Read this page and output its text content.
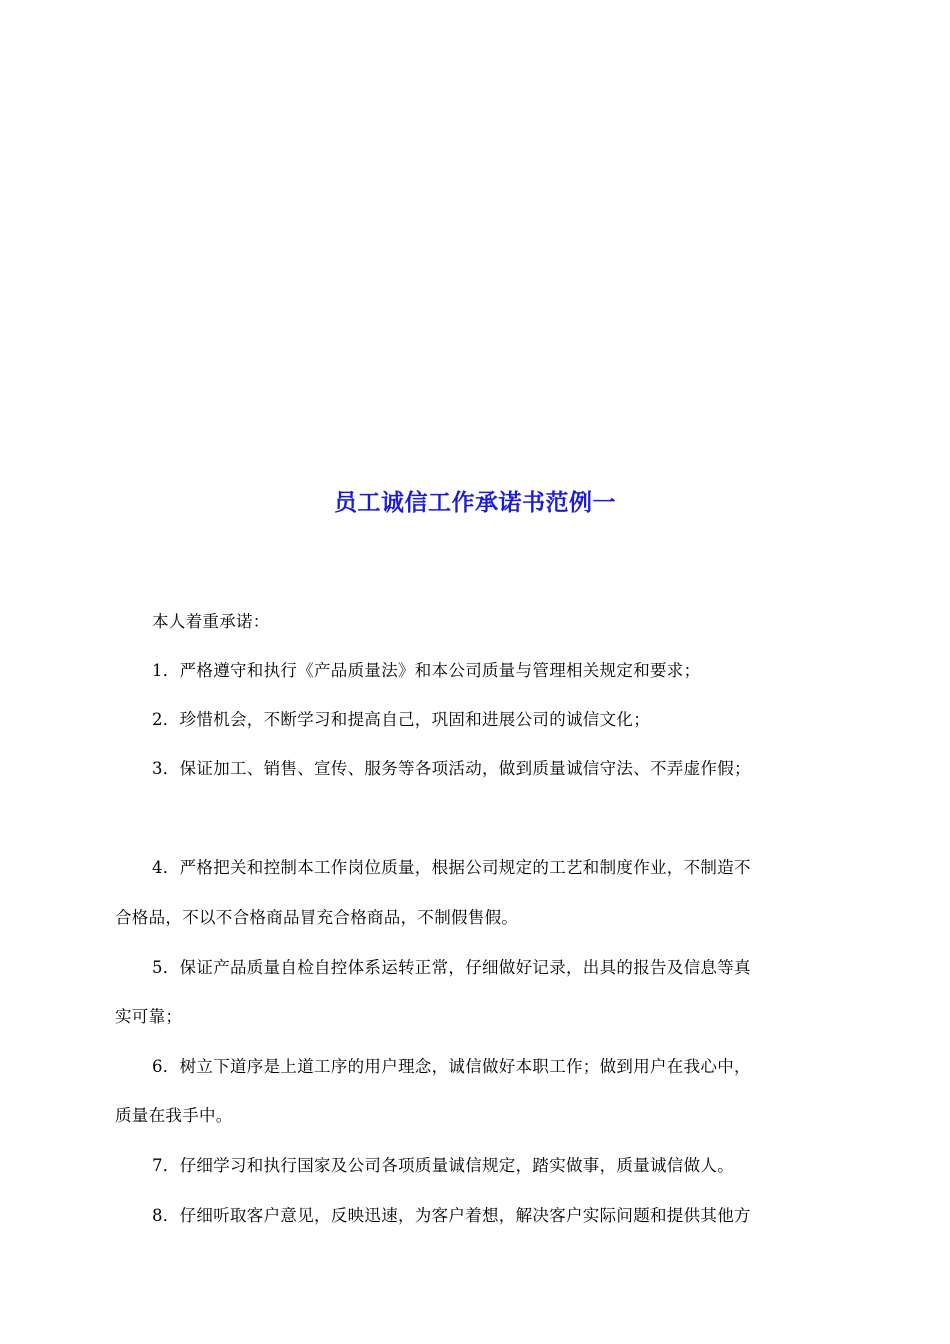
员工诚信工作承诺书范例一
本人着重承诺：
1．严格遵守和执行《产品质量法》和本公司质量与管理相关规定和要求；
2．珍惜机会，不断学习和提高自己，巩固和进展公司的诚信文化；
3．保证加工、销售、宣传、服务等各项活动，做到质量诚信守法、不弄虚作假；
4．严格把关和控制本工作岗位质量，根据公司规定的工艺和制度作业，不制造不
合格品，不以不合格商品冒充合格商品，不制假售假。
5．保证产品质量自检自控体系运转正常，仔细做好记录，出具的报告及信息等真
实可靠；
6．树立下道序是上道工序的用户理念，诚信做好本职工作；做到用户在我心中，
质量在我手中。
7．仔细学习和执行国家及公司各项质量诚信规定，踏实做事，质量诚信做人。
8．仔细听取客户意见，反映迅速，为客户着想，解决客户实际问题和提供其他方
